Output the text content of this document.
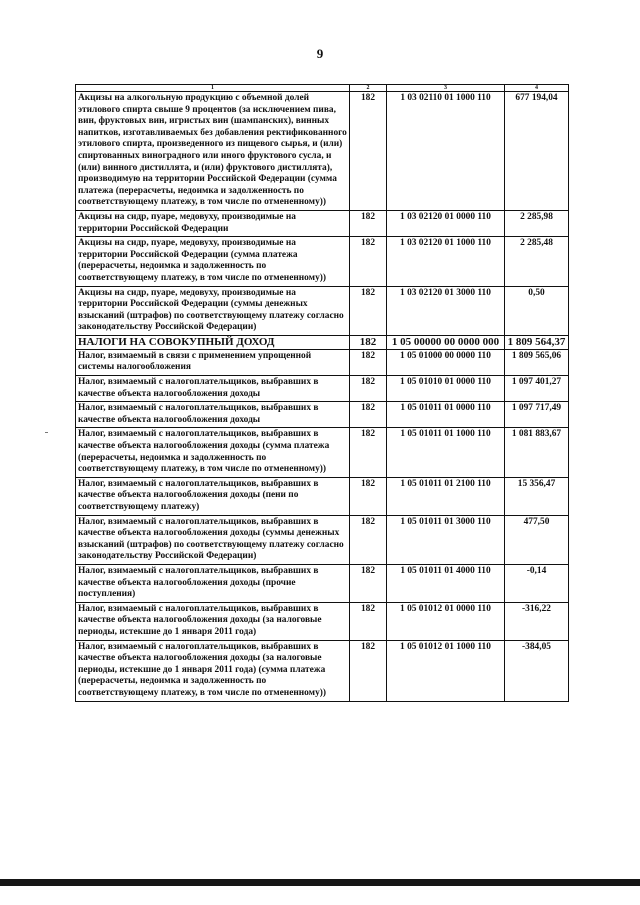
9
1	2	3	4
Акцизы на алкогольную продукцию с объемной долей этилового спирта свыше 9 процентов (за исключением пива, вин, фруктовых вин, игристых вин (шампанских), винных напитков, изготавливаемых без добавления ректификованного этилового спирта, произведенного из пищевого сырья, и (или) спиртованных виноградного или иного фруктового сусла, и (или) винного дистиллята, и (или) фруктового дистиллята), производимую на территории Российской Федерации (сумма платежа (перерасчеты, недоимка и задолженность по соответствующему платежу, в том числе по отмененному))	182	1 03 02110 01 1000 110	677 194,04
Акцизы на сидр, пуаре, медовуху, производимые на территории Российской Федерации	182	1 03 02120 01 0000 110	2 285,98
Акцизы на сидр, пуаре, медовуху, производимые на территории Российской Федерации (сумма платежа (перерасчеты, недоимка и задолженность по соответствующему платежу, в том числе по отмененному))	182	1 03 02120 01 1000 110	2 285,48
Акцизы на сидр, пуаре, медовуху, производимые на территории Российской Федерации (суммы денежных взысканий (штрафов) по соответствующему платежу согласно законодательству Российской Федерации)	182	1 03 02120 01 3000 110	0,50
НАЛОГИ НА СОВОКУПНЫЙ ДОХОД	182	1 05 00000 00 0000 000	1 809 564,37
Налог, взимаемый в связи с применением упрощенной системы налогообложения	182	1 05 01000 00 0000 110	1 809 565,06
Налог, взимаемый с налогоплательщиков, выбравших в качестве объекта налогообложения доходы	182	1 05 01010 01 0000 110	1 097 401,27
Налог, взимаемый с налогоплательщиков, выбравших в качестве объекта налогообложения доходы	182	1 05 01011 01 0000 110	1 097 717,49
Налог, взимаемый с налогоплательщиков, выбравших в качестве объекта налогообложения доходы (сумма платежа (перерасчеты, недоимка и задолженность по соответствующему платежу, в том числе по отмененному))	182	1 05 01011 01 1000 110	1 081 883,67
Налог, взимаемый с налогоплательщиков, выбравших в качестве объекта налогообложения доходы (пени по соответствующему платежу)	182	1 05 01011 01 2100 110	15 356,47
Налог, взимаемый с налогоплательщиков, выбравших в качестве объекта налогообложения доходы (суммы денежных взысканий (штрафов) по соответствующему платежу согласно законодательству Российской Федерации)	182	1 05 01011 01 3000 110	477,50
Налог, взимаемый с налогоплательщиков, выбравших в качестве объекта налогообложения доходы (прочие поступления)	182	1 05 01011 01 4000 110	-0,14
Налог, взимаемый с налогоплательщиков, выбравших в качестве объекта налогообложения доходы (за налоговые периоды, истекшие до 1 января 2011 года)	182	1 05 01012 01 0000 110	-316,22
Налог, взимаемый с налогоплательщиков, выбравших в качестве объекта налогообложения доходы (за налоговые периоды, истекшие до 1 января 2011 года) (сумма платежа (перерасчеты, недоимка и задолженность по соответствующему платежу, в том числе по отмененному))	182	1 05 01012 01 1000 110	-384,05
